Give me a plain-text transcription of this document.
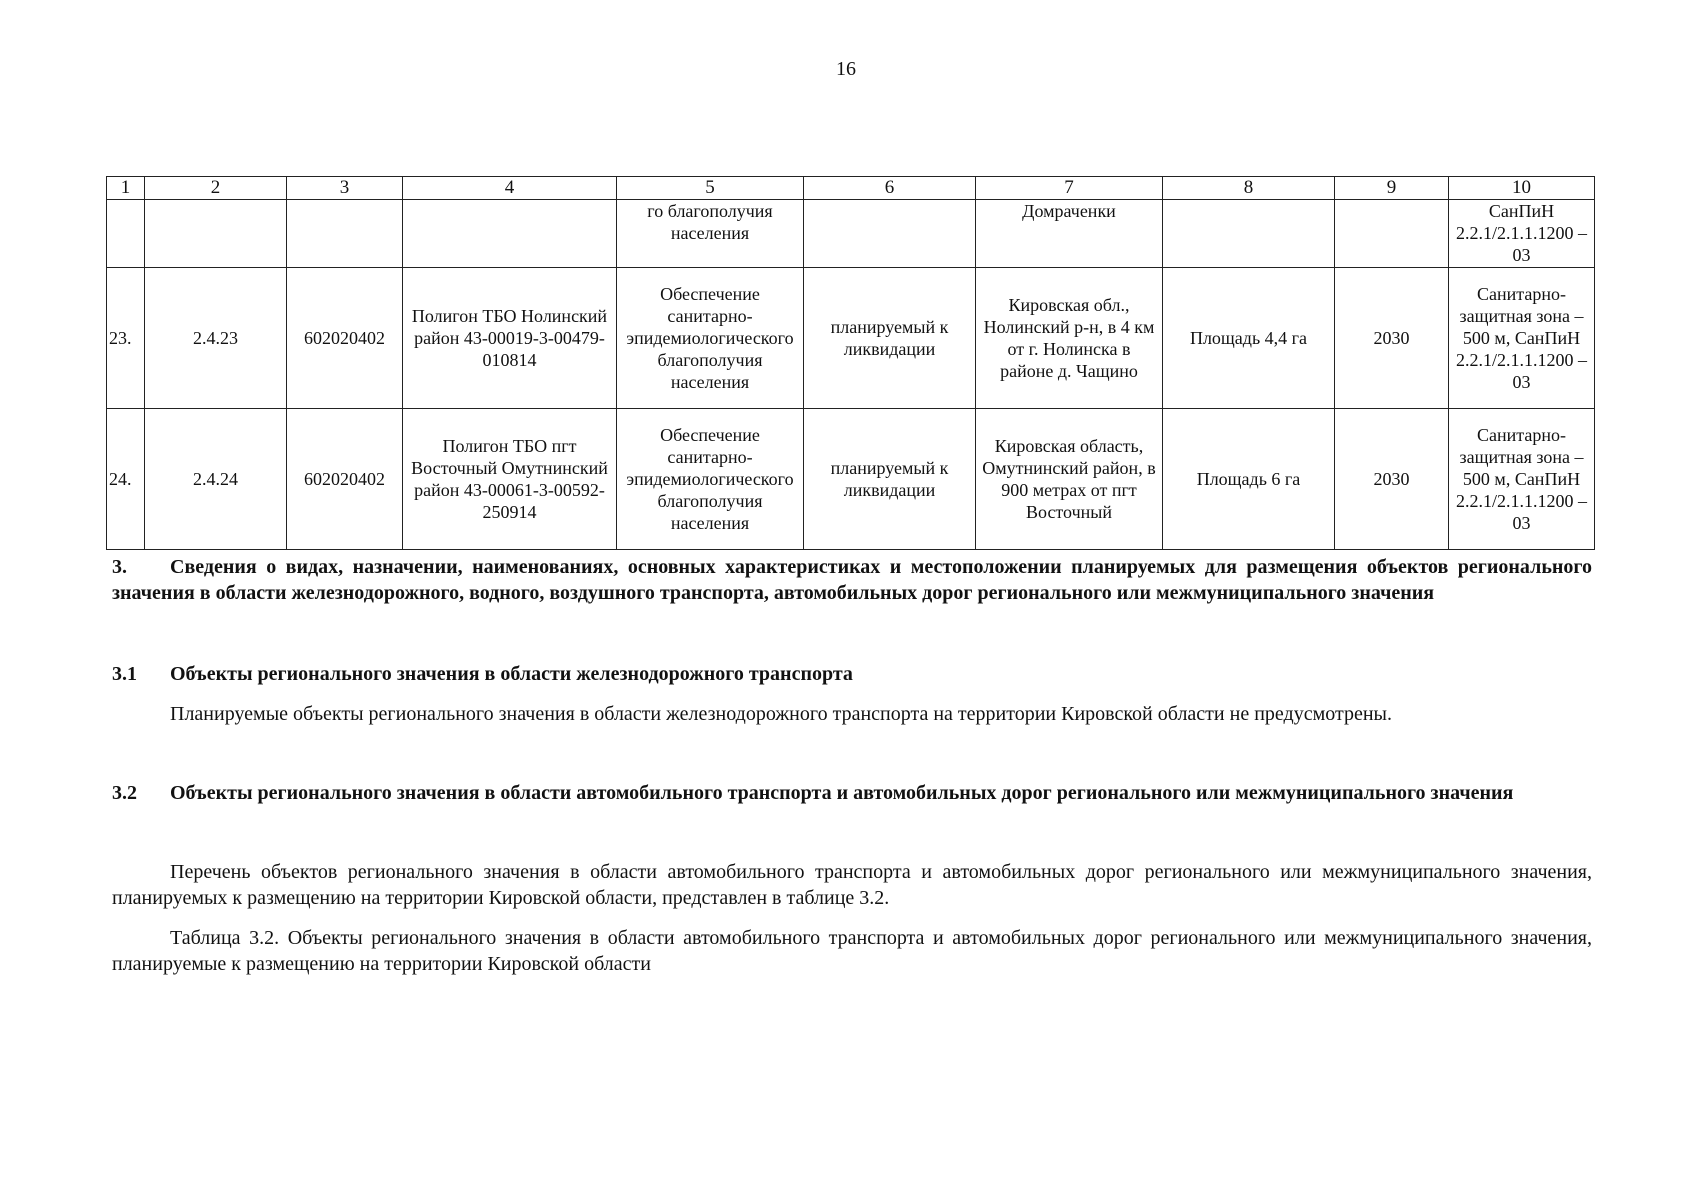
16
1	2	3	4	5	6	7	8	9	10
				го благополучия населения		Домраченки			СанПиН 2.2.1/2.1.1.1200 – 03
23.	2.4.23	602020402	Полигон ТБО Нолинский район 43-00019-3-00479-010814	Обеспечение санитарно-эпидемиологического благополучия населения	планируемый к ликвидации	Кировская обл., Нолинский р-н, в 4 км от г. Нолинска в районе д. Чащино	Площадь 4,4 га	2030	Санитарно-защитная зона – 500 м, СанПиН 2.2.1/2.1.1.1200 – 03
24.	2.4.24	602020402	Полигон ТБО пгт Восточный Омутнинский район 43-00061-3-00592-250914	Обеспечение санитарно-эпидемиологического благополучия населения	планируемый к ликвидации	Кировская область, Омутнинский район, в 900 метрах от пгт Восточный	Площадь 6 га	2030	Санитарно-защитная зона – 500 м, СанПиН 2.2.1/2.1.1.1200 – 03
3. Сведения о видах, назначении, наименованиях, основных характеристиках и местоположении планируемых для размещения объектов регионального значения в области железнодорожного, водного, воздушного транспорта, автомобильных дорог регионального или межмуниципального значения
3.1 Объекты регионального значения в области железнодорожного транспорта
Планируемые объекты регионального значения в области железнодорожного транспорта на территории Кировской области не предусмотрены.
3.2 Объекты регионального значения в области автомобильного транспорта и автомобильных дорог регионального или межмуниципального значения
Перечень объектов регионального значения в области автомобильного транспорта и автомобильных дорог регионального или межмуниципального значения, планируемых к размещению на территории Кировской области, представлен в таблице 3.2.
Таблица 3.2. Объекты регионального значения в области автомобильного транспорта и автомобильных дорог регионального или межмуниципального значения, планируемые к размещению на территории Кировской области
